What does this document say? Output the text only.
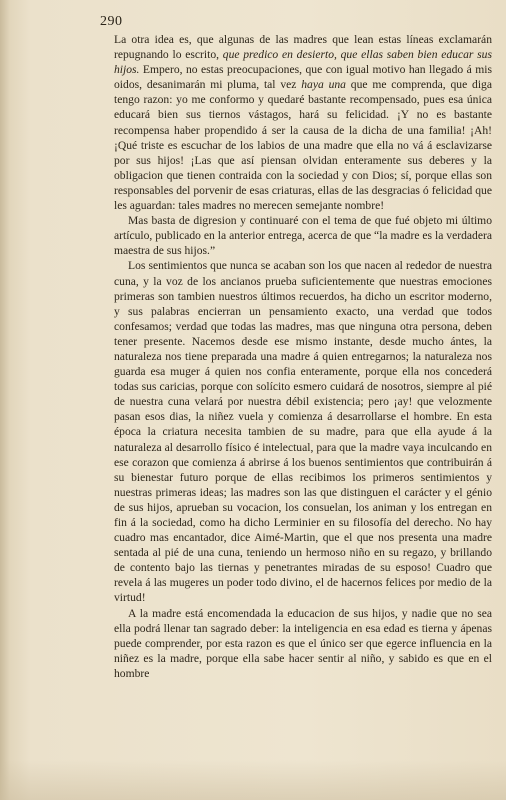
290

La otra idea es, que algunas de las madres que lean estas líneas exclamarán repugnando lo escrito, que predico en desierto, que ellas saben bien educar sus hijos. Empero, no estas preocupaciones, que con igual motivo han llegado á mis oidos, desanimarán mi pluma, tal vez haya una que me comprenda, que diga tengo razon: yo me conformo y quedaré bastante recompensado, pues esa única educará bien sus tiernos vástagos, hará su felicidad. ¡Y no es bastante recompensa haber propendido á ser la causa de la dicha de una familia! ¡Ah! ¡Qué triste es escuchar de los labios de una madre que ella no vá á esclavizarse por sus hijos! ¡Las que así piensan olvidan enteramente sus deberes y la obligacion que tienen contraida con la sociedad y con Dios; sí, porque ellas son responsables del porvenir de esas criaturas, ellas de las desgracias ó felicidad que les aguardan: tales madres no merecen semejante nombre!

Mas basta de digresion y continuaré con el tema de que fué objeto mi último artículo, publicado en la anterior entrega, acerca de que “la madre es la verdadera maestra de sus hijos.”

Los sentimientos que nunca se acaban son los que nacen al rededor de nuestra cuna, y la voz de los ancianos prueba suficientemente que nuestras emociones primeras son tambien nuestros últimos recuerdos, ha dicho un escritor moderno, y sus palabras encierran un pensamiento exacto, una verdad que todos confesamos; verdad que todas las madres, mas que ninguna otra persona, deben tener presente. Nacemos desde ese mismo instante, desde mucho ántes, la naturaleza nos tiene preparada una madre á quien entregarnos; la naturaleza nos guarda esa muger á quien nos confia enteramente, porque ella nos concederá todas sus caricias, porque con solícito esmero cuidará de nosotros, siempre al pié de nuestra cuna velará por nuestra débil existencia; pero ¡ay! que velozmente pasan esos dias, la niñez vuela y comienza á desarrollarse el hombre. En esta época la criatura necesita tambien de su madre, para que ella ayude á la naturaleza al desarrollo físico é intelectual, para que la madre vaya inculcando en ese corazon que comienza á abrirse á los buenos sentimientos que contribuirán á su bienestar futuro porque de ellas recibimos los primeros sentimientos y nuestras primeras ideas; las madres son las que distinguen el carácter y el génio de sus hijos, aprueban su vocacion, los consuelan, los animan y los entregan en fin á la sociedad, como ha dicho Lerminier en su filosofía del derecho. No hay cuadro mas encantador, dice Aimé-Martin, que el que nos presenta una madre sentada al pié de una cuna, teniendo un hermoso niño en su regazo, y brillando de contento bajo las tiernas y penetrantes miradas de su esposo! Cuadro que revela á las mugeres un poder todo divino, el de hacernos felices por medio de la virtud!

A la madre está encomendada la educacion de sus hijos, y nadie que no sea ella podrá llenar tan sagrado deber: la inteligencia en esa edad es tierna y ápenas puede comprender, por esta razon es que el único ser que egerce influencia en la niñez es la madre, porque ella sabe hacer sentir al niño, y sabido es que en el hombre
